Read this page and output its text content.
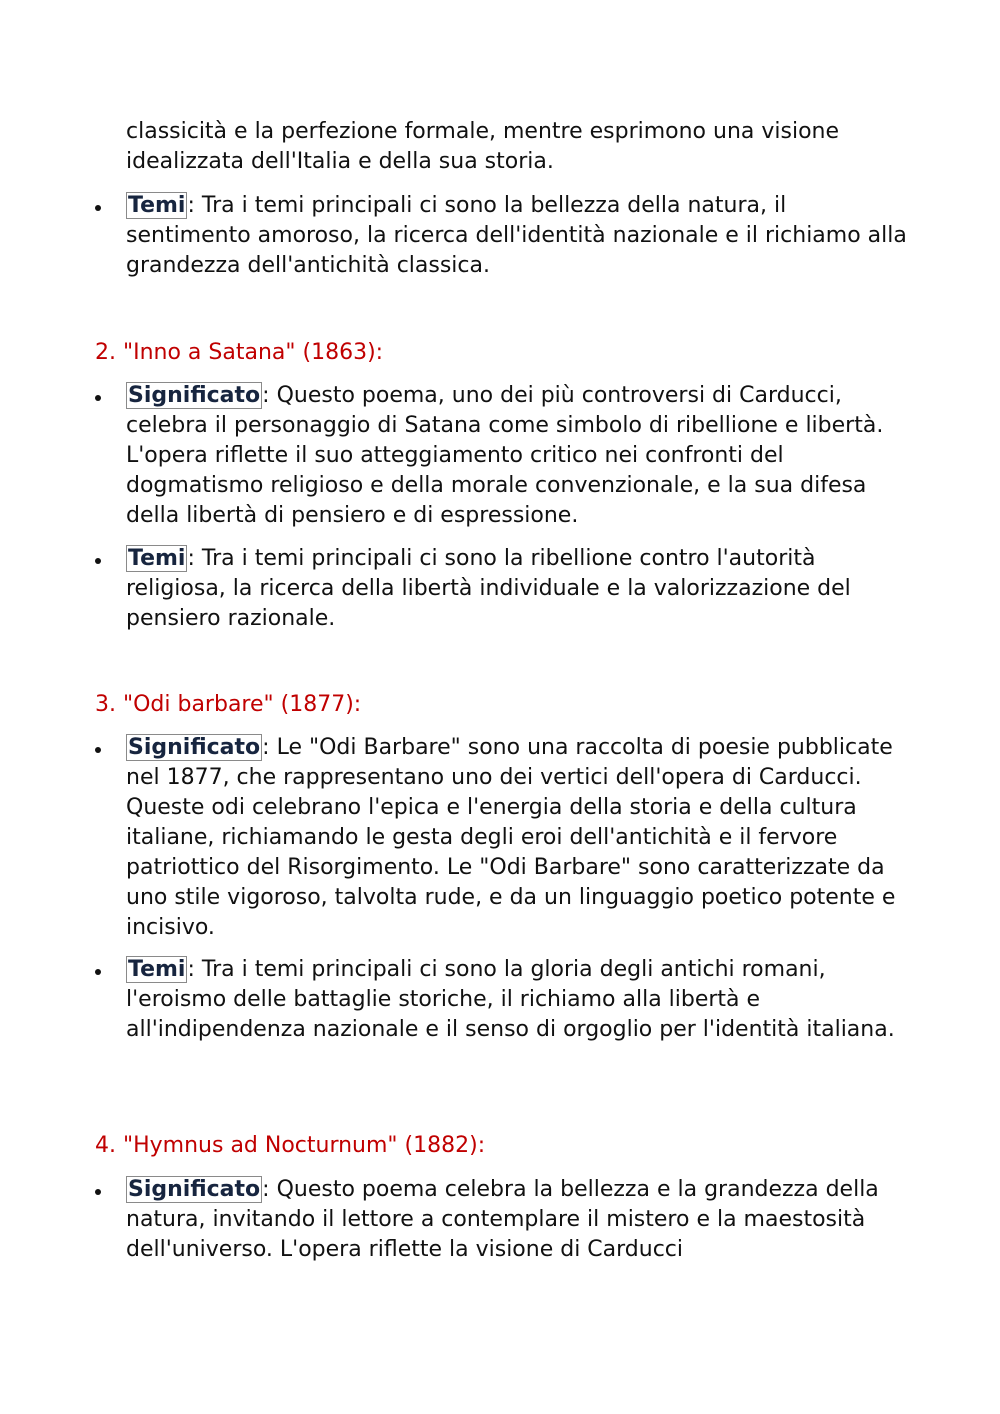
classicità e la perfezione formale, mentre esprimono una visione idealizzata dell'Italia e della sua storia.

Temi: Tra i temi principali ci sono la bellezza della natura, il sentimento amoroso, la ricerca dell'identità nazionale e il richiamo alla grandezza dell'antichità classica.

2. "Inno a Satana" (1863):

Significato: Questo poema, uno dei più controversi di Carducci, celebra il personaggio di Satana come simbolo di ribellione e libertà. L'opera riflette il suo atteggiamento critico nei confronti del dogmatismo religioso e della morale convenzionale, e la sua difesa della libertà di pensiero e di espressione.

Temi: Tra i temi principali ci sono la ribellione contro l'autorità religiosa, la ricerca della libertà individuale e la valorizzazione del pensiero razionale.

3. "Odi barbare" (1877):

Significato: Le "Odi Barbare" sono una raccolta di poesie pubblicate nel 1877, che rappresentano uno dei vertici dell'opera di Carducci. Queste odi celebrano l'epica e l'energia della storia e della cultura italiane, richiamando le gesta degli eroi dell'antichità e il fervore patriottico del Risorgimento. Le "Odi Barbare" sono caratterizzate da uno stile vigoroso, talvolta rude, e da un linguaggio poetico potente e incisivo.

Temi: Tra i temi principali ci sono la gloria degli antichi romani, l'eroismo delle battaglie storiche, il richiamo alla libertà e all'indipendenza nazionale e il senso di orgoglio per l'identità italiana.

4. "Hymnus ad Nocturnum" (1882):

Significato: Questo poema celebra la bellezza e la grandezza della natura, invitando il lettore a contemplare il mistero e la maestosità dell'universo. L'opera riflette la visione di Carducci
